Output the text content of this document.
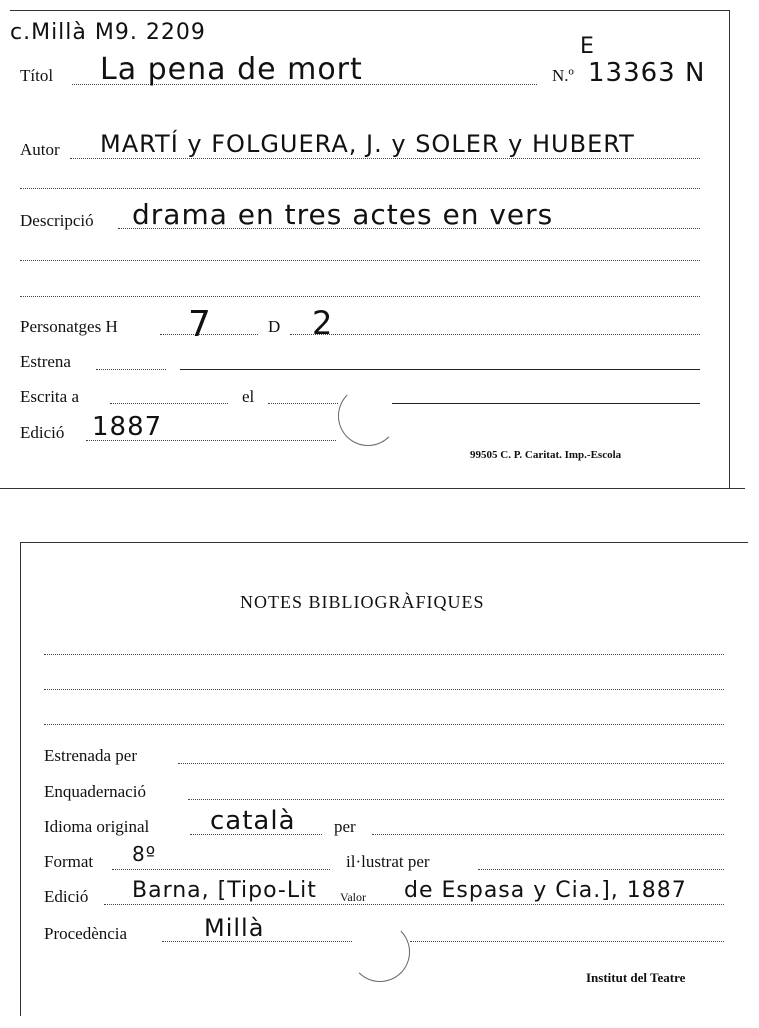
c.Millà M9. 2209
Títol La pena de mort	N.º
E
13363 N
Autor MARTÍ y FOLGUERA, J. y SOLER y HUBERT
Descripció drama en tres actes en vers
Personatges H 7	D 2
Estrena
Escrita a	el
Edició 1887
99505 C. P. Caritat. Imp.-Escola
NOTES BIBLIOGRÀFIQUES
Estrenada per
Enquadernació
Idioma original català per
Format 8º	il·lustrat per
Edició Barna, [Tipo-Lit Valor de Espasa y Cia.], 1887
Procedència	Millà
Institut del Teatre
